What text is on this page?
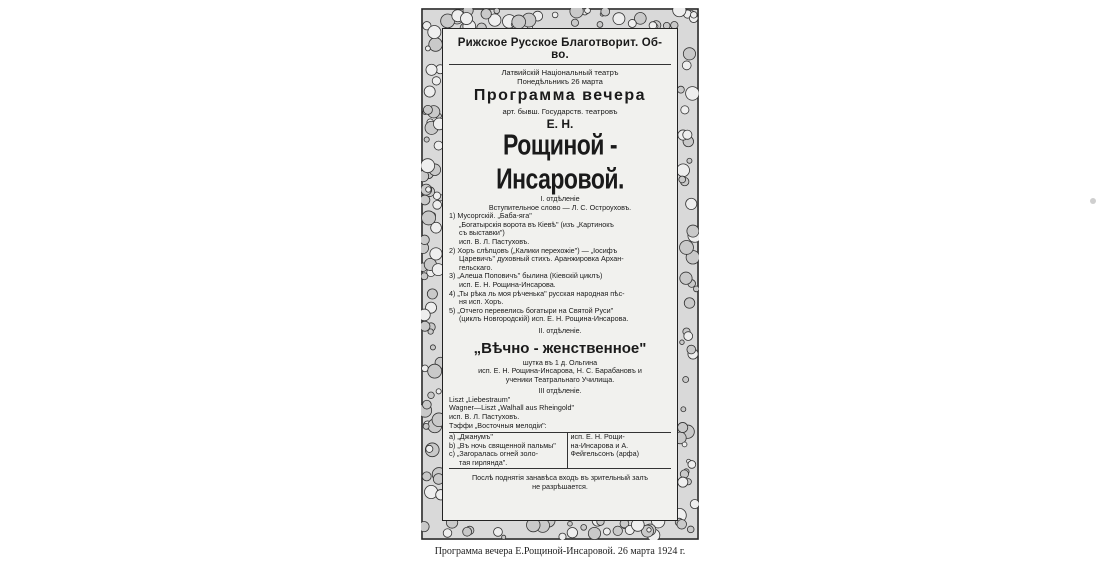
Рижское Русское Благотворит. Об-во.
Латвийскій Національный театръ
Понедѣльникъ 26 марта
Программа вечера
арт. бывш. Государств. театровъ
Е. Н.
Рощиной - Инсаровой.
I. отдѣленіе
Вступительное слово — Л. С. Остроуховъ.
1) Мусоргскій. „Баба-яга"
„Богатырскія ворота въ Кіевѣ" (изъ „Картинокъ
съ выставки")
исп. В. Л. Пастуховъ.
2) Хоръ слѣпцовъ („Калики перехожіе") — „Іосифъ
Царевичъ" духовный стихъ. Аранжировка Архан-
гельскаго.
3) „Алеша Поповичъ" былина (Кіевскій циклъ)
исп. Е. Н. Рощина-Инсарова.
4) „Ты рѣка ль моя рѣченька" русская народная пѣс-
ня исп. Хоръ.
5) „Отчего перевелись богатыри на Святой Руси"
(циклъ Новгородскій) исп. Е. Н. Рощина-Инсарова.
II. отдѣленіе.
„Вѣчно - женственное"
шутка въ 1 д. Ольгина
исп. Е. Н. Рощина-Инсарова, Н. С. Барабановъ и
ученики Театральнаго Училища.
III отдѣленіе.
Liszt „Liebestraum"
Wagner—Liszt „Walhall aus Rheingold"
исп. В. Л. Пастуховъ.
Тэффи „Восточныя мелодіи":
a) „Джанумъ"
b) „Въ ночь священной пальмы"
c) „Загоралась огней золо-
тая гирлянда".
исп. Е. Н. Рощи-
на-Инсарова и А.
Фейгельсонъ (арфа)
Послѣ поднятія занавѣса входъ въ зрительный залъ
не разрѣшается.
Программа вечера Е.Рощиной-Инсаровой. 26 марта 1924 г.
